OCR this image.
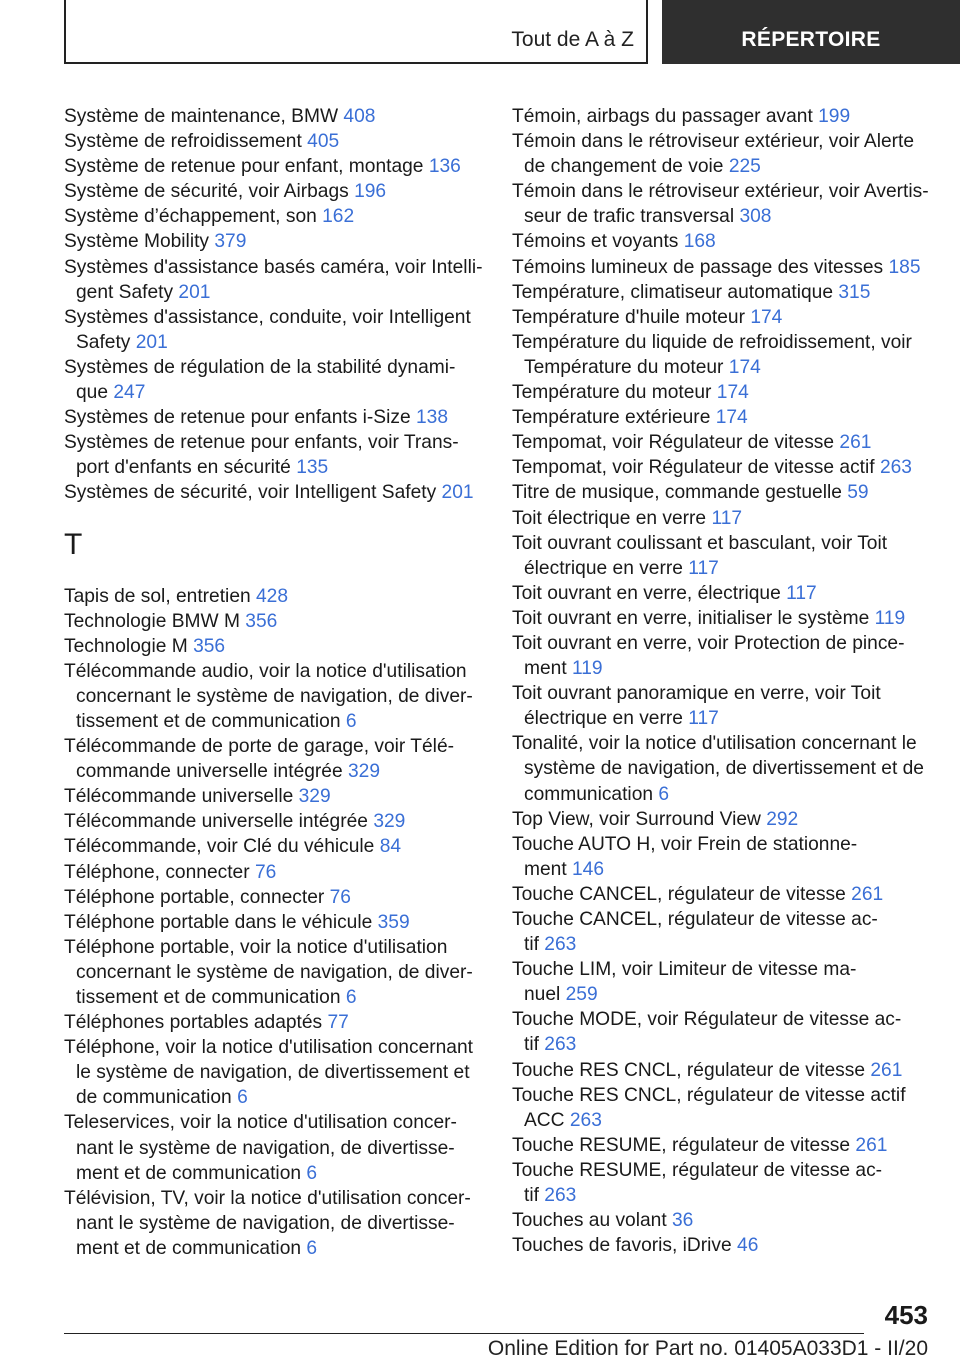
Tout de A à Z	RÉPERTOIRE
Système de maintenance, BMW 408
Système de refroidissement 405
Système de retenue pour enfant, montage 136
Système de sécurité, voir Airbags 196
Système d’échappement, son 162
Système Mobility 379
Systèmes d'assistance basés caméra, voir Intelli‐
gent Safety 201
Systèmes d'assistance, conduite, voir Intelligent
Safety 201
Systèmes de régulation de la stabilité dynami‐
que 247
Systèmes de retenue pour enfants i-Size 138
Systèmes de retenue pour enfants, voir Trans‐
port d'enfants en sécurité 135
Systèmes de sécurité, voir Intelligent Safety 201
T
Tapis de sol, entretien 428
Technologie BMW M 356
Technologie M 356
Télécommande audio, voir la notice d'utilisation
concernant le système de navigation, de diver‐
tissement et de communication 6
Télécommande de porte de garage, voir Télé‐
commande universelle intégrée 329
Télécommande universelle 329
Télécommande universelle intégrée 329
Télécommande, voir Clé du véhicule 84
Téléphone, connecter 76
Téléphone portable, connecter 76
Téléphone portable dans le véhicule 359
Téléphone portable, voir la notice d'utilisation
concernant le système de navigation, de diver‐
tissement et de communication 6
Téléphones portables adaptés 77
Téléphone, voir la notice d'utilisation concernant
le système de navigation, de divertissement et
de communication 6
Teleservices, voir la notice d'utilisation concer‐
nant le système de navigation, de divertisse‐
ment et de communication 6
Télévision, TV, voir la notice d'utilisation concer‐
nant le système de navigation, de divertisse‐
ment et de communication 6
Témoin, airbags du passager avant 199
Témoin dans le rétroviseur extérieur, voir Alerte
de changement de voie 225
Témoin dans le rétroviseur extérieur, voir Avertis‐
seur de trafic transversal 308
Témoins et voyants 168
Témoins lumineux de passage des vitesses 185
Température, climatiseur automatique 315
Température d'huile moteur 174
Température du liquide de refroidissement, voir
Température du moteur 174
Température du moteur 174
Température extérieure 174
Tempomat, voir Régulateur de vitesse 261
Tempomat, voir Régulateur de vitesse actif 263
Titre de musique, commande gestuelle 59
Toit électrique en verre 117
Toit ouvrant coulissant et basculant, voir Toit
électrique en verre 117
Toit ouvrant en verre, électrique 117
Toit ouvrant en verre, initialiser le système 119
Toit ouvrant en verre, voir Protection de pince‐
ment 119
Toit ouvrant panoramique en verre, voir Toit
électrique en verre 117
Tonalité, voir la notice d'utilisation concernant le
système de navigation, de divertissement et de
communication 6
Top View, voir Surround View 292
Touche AUTO H, voir Frein de stationne‐
ment 146
Touche CANCEL, régulateur de vitesse 261
Touche CANCEL, régulateur de vitesse ac‐
tif 263
Touche LIM, voir Limiteur de vitesse ma‐
nuel 259
Touche MODE, voir Régulateur de vitesse ac‐
tif 263
Touche RES CNCL, régulateur de vitesse 261
Touche RES CNCL, régulateur de vitesse actif
ACC 263
Touche RESUME, régulateur de vitesse 261
Touche RESUME, régulateur de vitesse ac‐
tif 263
Touches au volant 36
Touches de favoris, iDrive 46
453
Online Edition for Part no. 01405A033D1 - II/20
